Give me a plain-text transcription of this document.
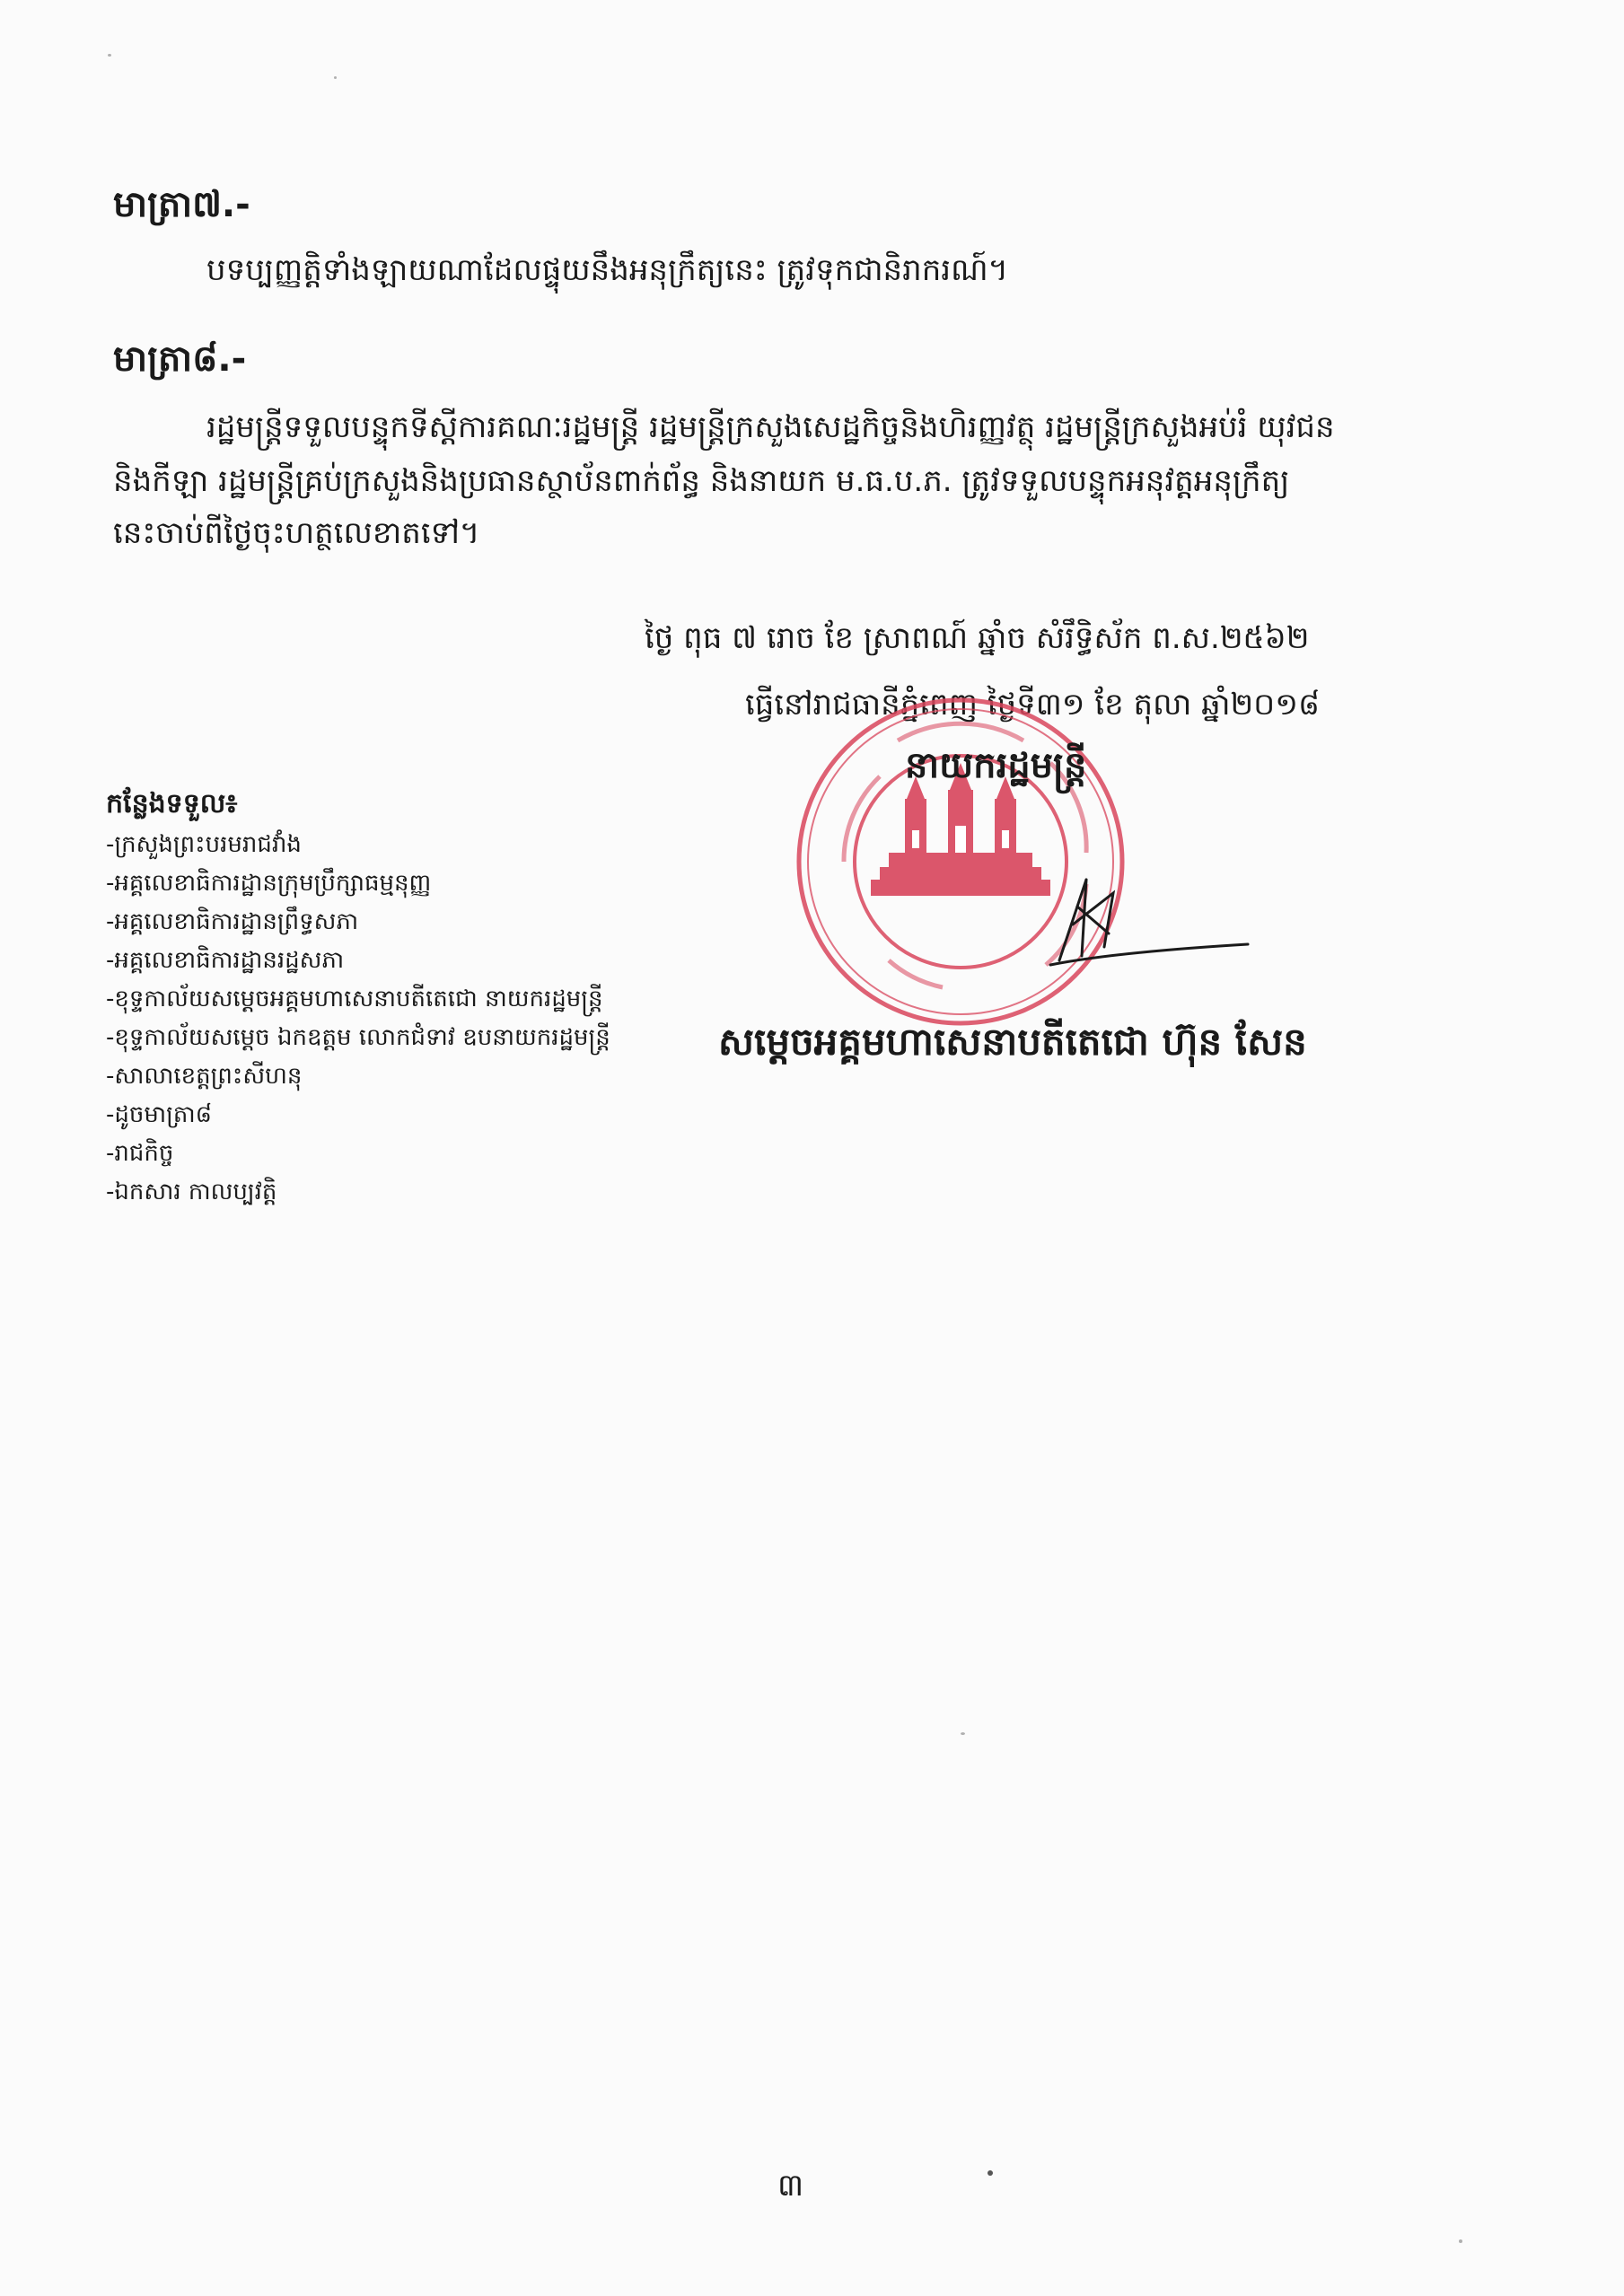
មាត្រា៧.-
បទប្បញ្ញត្តិទាំងឡាយណាដែលផ្ទុយនឹងអនុក្រឹត្យនេះ ត្រូវទុកជានិរាករណ៍។
មាត្រា៨.-
រដ្ឋមន្ត្រីទទួលបន្ទុកទីស្តីការគណៈរដ្ឋមន្ត្រី រដ្ឋមន្ត្រីក្រសួងសេដ្ឋកិច្ចនិងហិរញ្ញវត្ថុ រដ្ឋមន្ត្រីក្រសួងអប់រំ យុវជន
និងកីឡា រដ្ឋមន្ត្រីគ្រប់ក្រសួងនិងប្រធានស្ថាប័នពាក់ព័ន្ធ និងនាយក ម.ធ.ប.ភ. ត្រូវទទួលបន្ទុកអនុវត្តអនុក្រឹត្យ
នេះចាប់ពីថ្ងៃចុះហត្ថលេខាតទៅ។
ថ្ងៃ ពុធ ៧ រោច ខែ ស្រាពណ៍ ឆ្នាំច សំរឹទ្ធិស័ក ព.ស.២៥៦២
ធ្វើនៅរាជធានីភ្នំពេញ ថ្ងៃទី៣១ ខែ តុលា ឆ្នាំ២០១៨
នាយករដ្ឋមន្ត្រី
សម្តេចអគ្គមហាសេនាបតីតេជោ ហ៊ុន សែន
កន្លែងទទួល៖
-ក្រសួងព្រះបរមរាជវាំង
-អគ្គលេខាធិការដ្ឋានក្រុមប្រឹក្សាធម្មនុញ្ញ
-អគ្គលេខាធិការដ្ឋានព្រឹទ្ធសភា
-អគ្គលេខាធិការដ្ឋានរដ្ឋសភា
-ខុទ្ទកាល័យសម្តេចអគ្គមហាសេនាបតីតេជោ នាយករដ្ឋមន្ត្រី
-ខុទ្ទកាល័យសម្តេច ឯកឧត្តម លោកជំទាវ ឧបនាយករដ្ឋមន្ត្រី
-សាលាខេត្តព្រះសីហនុ
-ដូចមាត្រា៨
-រាជកិច្ច
-ឯកសារ កាលប្បវត្តិ
៣
